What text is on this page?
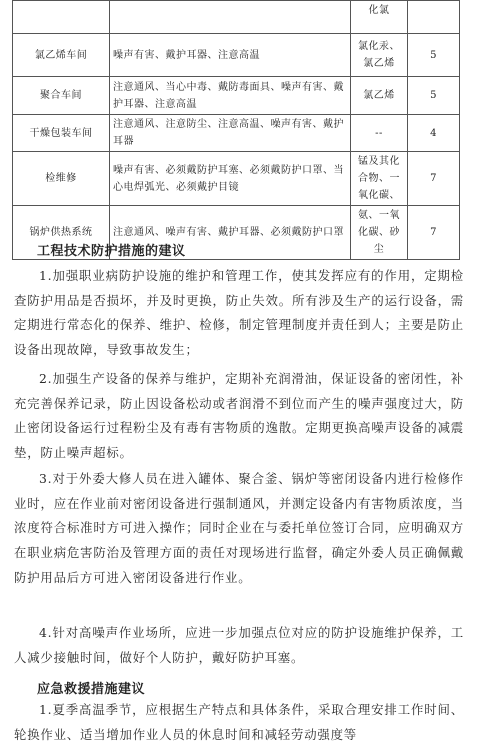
		化氯	
氯乙烯车间	噪声有害、戴护耳器、注意高温	氯化汞、氯乙烯	5
聚合车间	注意通风、当心中毒、戴防毒面具、噪声有害、戴护耳器、注意高温	氯乙烯	5
干燥包装车间	注意通风、注意防尘、注意高温、噪声有害、戴护耳器	--	4
检维修	噪声有害、必须戴防护耳塞、必须戴防护口罩、当心电焊弧光、必须戴护目镜	锰及其化合物、一氧化碳、	7
锅炉供热系统	注意通风、噪声有害、戴护耳器、必须戴防护口罩	氨、一氧化碳、砂尘	7
工程技术防护措施的建议
1.加强职业病防护设施的维护和管理工作，使其发挥应有的作用，定期检查防护用品是否损坏，并及时更换，防止失效。所有涉及生产的运行设备，需定期进行常态化的保养、维护、检修，制定管理制度并责任到人；主要是防止设备出现故障，导致事故发生；
2.加强生产设备的保养与维护，定期补充润滑油，保证设备的密闭性，补充完善保养记录，防止因设备松动或者润滑不到位而产生的噪声强度过大，防止密闭设备运行过程粉尘及有毒有害物质的逸散。定期更换高噪声设备的减震垫，防止噪声超标。
3.对于外委大修人员在进入罐体、聚合釜、锅炉等密闭设备内进行检修作业时，应在作业前对密闭设备进行强制通风，并测定设备内有害物质浓度，当浓度符合标准时方可进入操作；同时企业在与委托单位签订合同，应明确双方在职业病危害防治及管理方面的责任对现场进行监督，确定外委人员正确佩戴防护用品后方可进入密闭设备进行作业。
4.针对高噪声作业场所，应进一步加强点位对应的防护设施维护保养，工人减少接触时间，做好个人防护，戴好防护耳塞。
应急救援措施建议
1.夏季高温季节，应根据生产特点和具体条件，采取合理安排工作时间、轮换作业、适当增加作业人员的休息时间和减轻劳动强度等
